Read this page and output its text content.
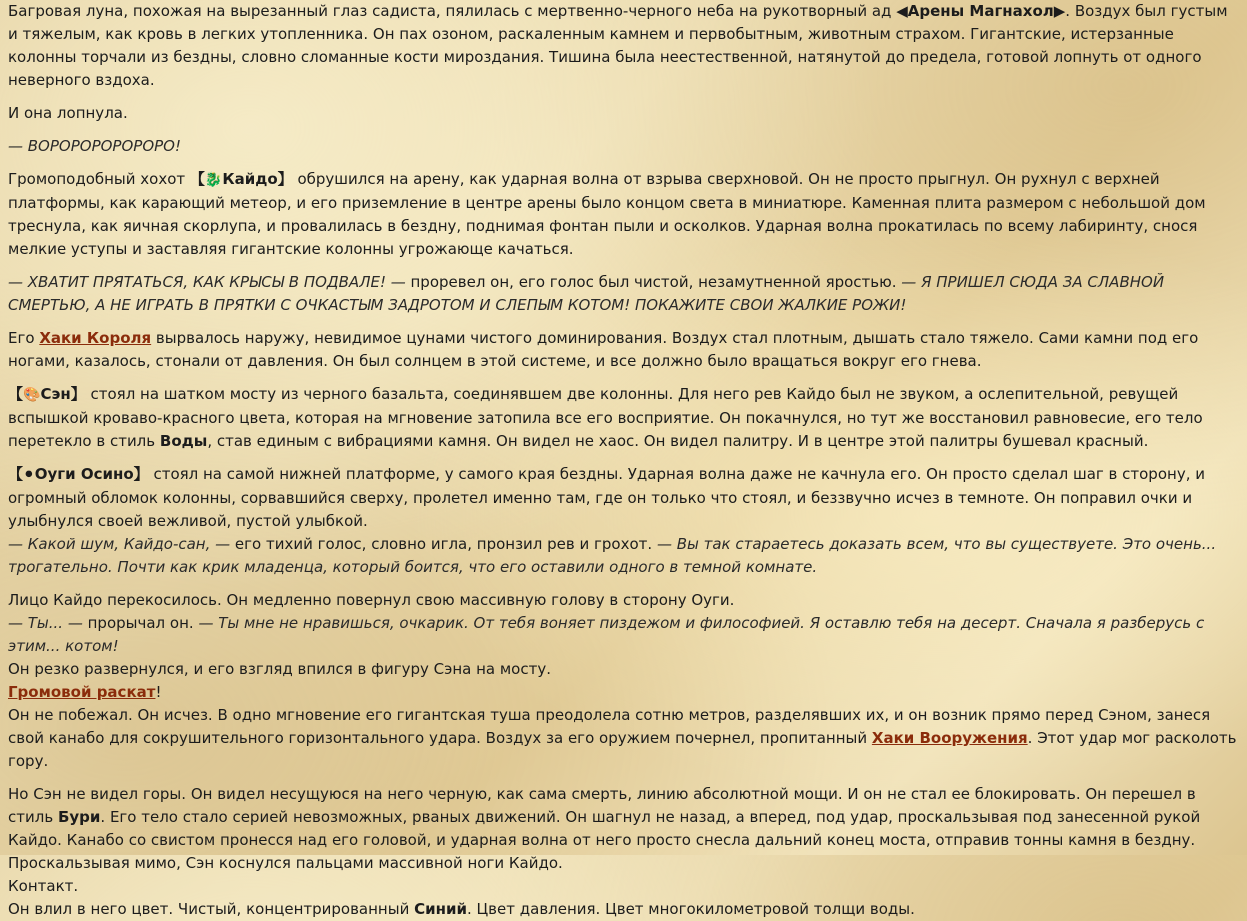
Багровая луна, похожая на вырезанный глаз садиста, пялилась с мертвенно-черного неба на рукотворный ад ◀Арены Магнахол▶. Воздух был густым и тяжелым, как кровь в легких утопленника. Он пах озоном, раскаленным камнем и первобытным, животным страхом. Гигантские, истерзанные колонны торчали из бездны, словно сломанные кости мироздания. Тишина была неестественной, натянутой до предела, готовой лопнуть от одного неверного вздоха.

И она лопнула.

— ВОРОРОРОРОРОРО!

Громоподобный хохот 【🐉Кайдо】 обрушился на арену, как ударная волна от взрыва сверхновой. Он не просто прыгнул. Он рухнул с верхней платформы, как карающий метеор, и его приземление в центре арены было концом света в миниатюре. Каменная плита размером с небольшой дом треснула, как яичная скорлупа, и провалилась в бездну, поднимая фонтан пыли и осколков. Ударная волна прокатилась по всему лабиринту, снося мелкие уступы и заставляя гигантские колонны угрожающе качаться.

— ХВАТИТ ПРЯТАТЬСЯ, КАК КРЫСЫ В ПОДВАЛЕ! — проревел он, его голос был чистой, незамутненной яростью. — Я ПРИШЕЛ СЮДА ЗА СЛАВНОЙ СМЕРТЬЮ, А НЕ ИГРАТЬ В ПРЯТКИ С ОЧКАСТЫМ ЗАДРОТОМ И СЛЕПЫМ КОТОМ! ПОКАЖИТЕ СВОИ ЖАЛКИЕ РОЖИ!

Его Хаки Короля вырвалось наружу, невидимое цунами чистого доминирования. Воздух стал плотным, дышать стало тяжело. Сами камни под его ногами, казалось, стонали от давления. Он был солнцем в этой системе, и все должно было вращаться вокруг его гнева.

【🎨Сэн】 стоял на шатком мосту из черного базальта, соединявшем две колонны. Для него рев Кайдо был не звуком, а ослепительной, ревущей вспышкой кроваво-красного цвета, которая на мгновение затопила все его восприятие. Он покачнулся, но тут же восстановил равновесие, его тело перетекло в стиль Воды, став единым с вибрациями камня. Он видел не хаос. Он видел палитру. И в центре этой палитры бушевал красный.

【⚫Оуги Осино】 стоял на самой нижней платформе, у самого края бездны. Ударная волна даже не качнула его. Он просто сделал шаг в сторону, и огромный обломок колонны, сорвавшийся сверху, пролетел именно там, где он только что стоял, и беззвучно исчез в темноте. Он поправил очки и улыбнулся своей вежливой, пустой улыбкой.

— Какой шум, Кайдо-сан, — его тихий голос, словно игла, пронзил рев и грохот. — Вы так стараетесь доказать всем, что вы существуете. Это очень... трогательно. Почти как крик младенца, который боится, что его оставили одного в темной комнате.

Лицо Кайдо перекосилось. Он медленно повернул свою массивную голову в сторону Оуги.

— Ты... — прорычал он. — Ты мне не нравишься, очкарик. От тебя воняет пиздежом и философией. Я оставлю тебя на десерт. Сначала я разберусь с этим... котом!

Он резко развернулся, и его взгляд впился в фигуру Сэна на мосту.

Громовой раскат!

Он не побежал. Он исчез. В одно мгновение его гигантская туша преодолела сотню метров, разделявших их, и он возник прямо перед Сэном, занеся свой канабо для сокрушительного горизонтального удара. Воздух за его оружием почернел, пропитанный Хаки Вооружения. Этот удар мог расколоть гору.

Но Сэн не видел горы. Он видел несущуюся на него черную, как сама смерть, линию абсолютной мощи. И он не стал ее блокировать. Он перешел в стиль Бури. Его тело стало серией невозможных, рваных движений. Он шагнул не назад, а вперед, под удар, проскальзывая под занесенной рукой Кайдо. Канабо со свистом пронесся над его головой, и ударная волна от него просто снесла дальний конец моста, отправив тонны камня в бездну.

Проскальзывая мимо, Сэн коснулся пальцами массивной ноги Кайдо.

Контакт.

Он влил в него цвет. Чистый, концентрированный Синий. Цвет давления. Цвет многокилометровой толщи воды.
